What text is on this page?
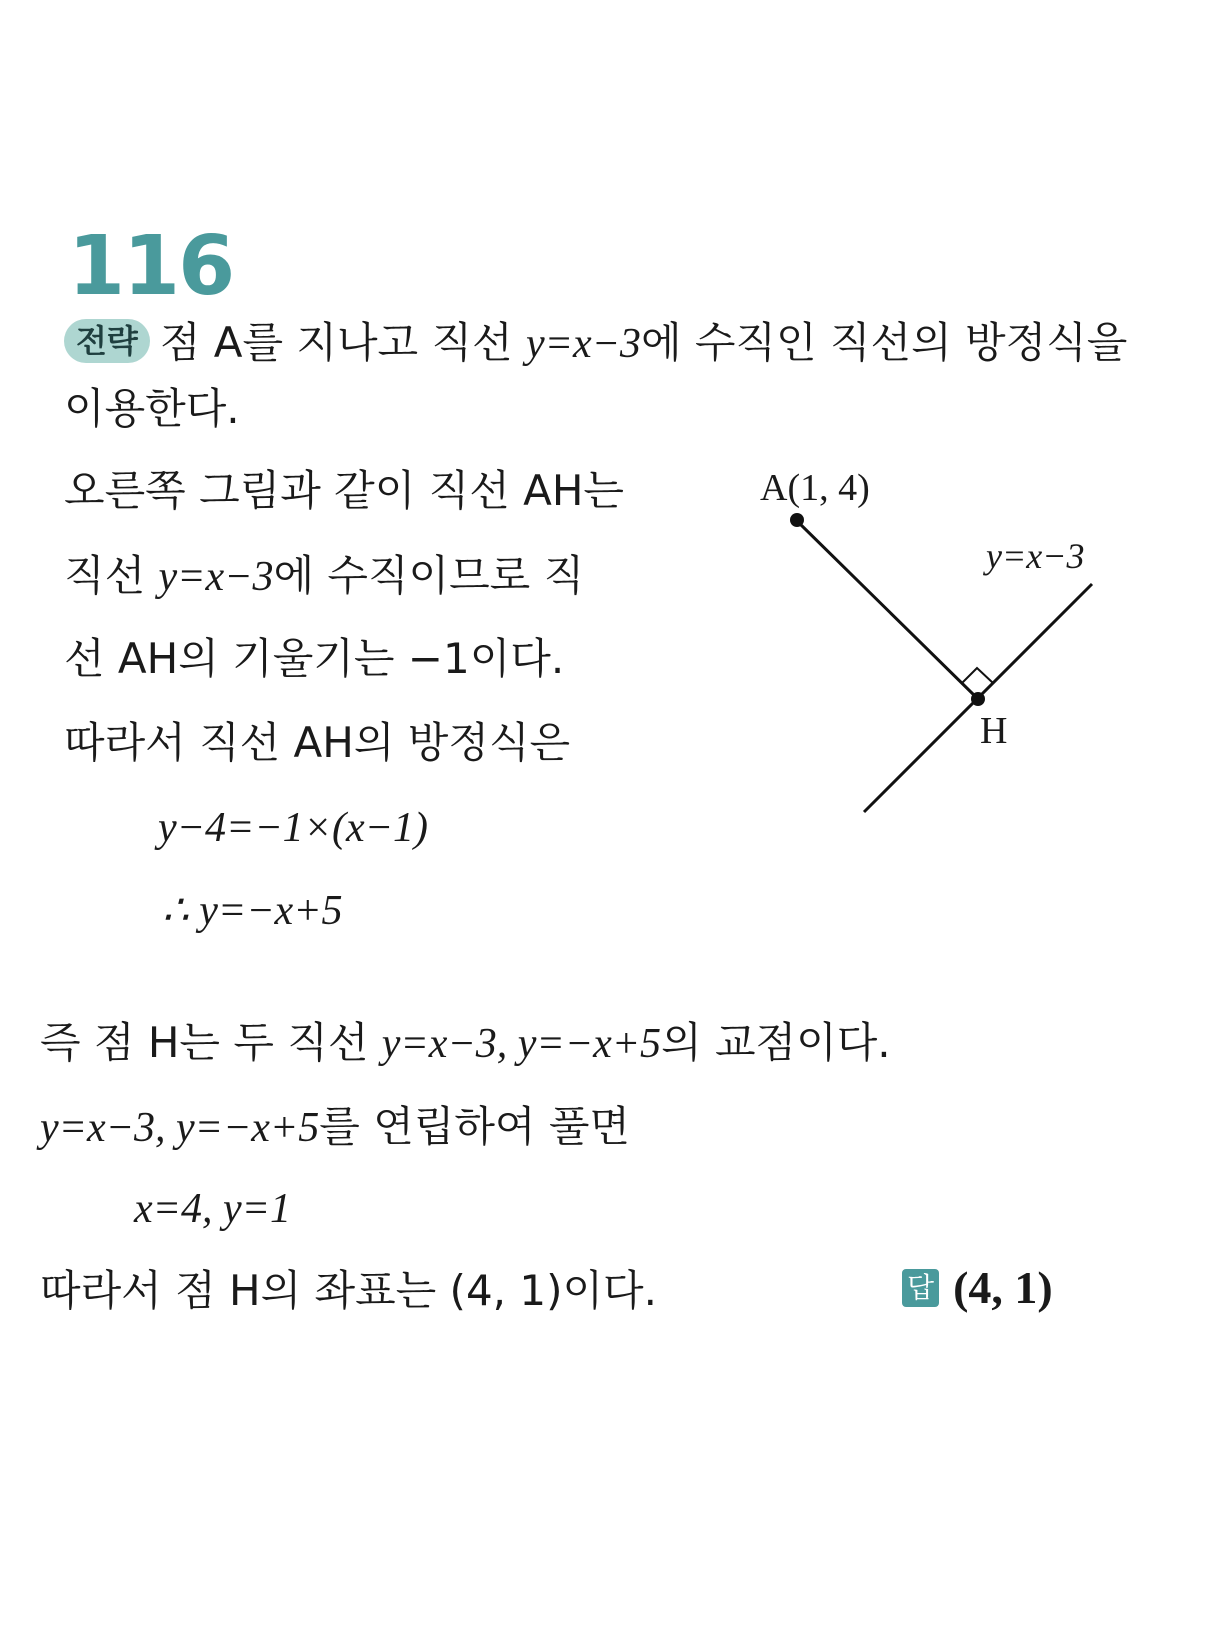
116
전략 점 A를 지나고 직선 y=x−3에 수직인 직선의 방정식을
이용한다.
오른쪽 그림과 같이 직선 AH는
직선 y=x−3에 수직이므로 직
선 AH의 기울기는 −1이다.
따라서 직선 AH의 방정식은
y−4=−1×(x−1)
∴ y=−x+5
즉 점 H는 두 직선 y=x−3, y=−x+5의 교점이다.
y=x−3, y=−x+5를 연립하여 풀면
x=4, y=1
따라서 점 H의 좌표는 (4, 1)이다.	답 (4, 1)
A(1, 4)
y=x−3
H
